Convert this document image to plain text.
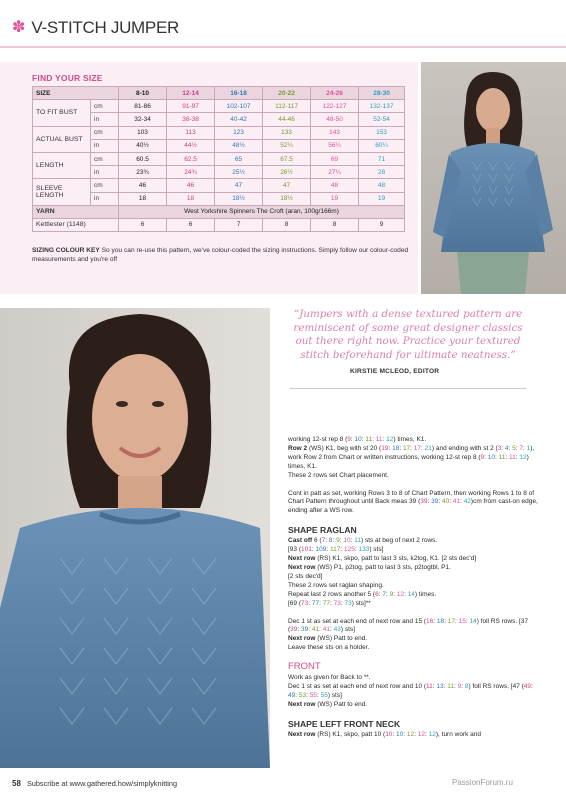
✽ V-STITCH JUMPER
FIND YOUR SIZE
SIZE		8-10	12-14	16-18	20-22	24-26	28-30
TO FIT BUST	cm	81-86	91-97	102-107	112-117	122-127	132-137
	in	32-34	36-38	40-42	44-46	48-50	52-54
ACTUAL BUST	cm	103	113	123	133	143	153
	in	40½	44½	48½	52¼	56¼	60¼
LENGTH	cm	60.5	62.5	65	67.5	69	71
	in	23¾	24¾	25½	26½	27¼	28
SLEEVE LENGTH	cm	46	46	47	47	48	48
	in	18	18	18½	18½	19	19
YARN		West Yorkshire Spinners The Croft (aran, 100g/166m)					
Kettlester (1148)		6	6	7	8	8	9
SIZING COLOUR KEY So you can re-use this pattern, we've colour-coded the sizing instructions. Simply follow our colour-coded measurements and you're off
“Jumpers with a dense textured pattern are reminiscent of some great designer classics out there right now. Practice your textured stitch beforehand for ultimate neatness.”
KIRSTIE MCLEOD, EDITOR

working 12-st rep 8 (9: 10: 11: 11: 12) times, K1.
Row 2 (WS) K1, beg with st 20 (19: 18: 17: 17: 21) and ending with st 2 (3: 4: 5: 7: 1), work Row 2 from Chart or written instructions, working 12-st rep 8 (9: 10: 11: 11: 12) times, K1.
These 2 rows set Chart placement.

Cont in patt as set, working Rows 3 to 8 of Chart Pattern, then working Rows 1 to 8 of Chart Pattern throughout until Back meas 39 (39: 39: 40: 41: 42)cm from cast-on edge, ending after a WS row.

SHAPE RAGLAN

Cast off 6 (7: 8: 9: 10: 11) sts at beg of next 2 rows.
[93 (101: 109: 117: 125: 133) sts]
Next row (RS) K1, skpo, patt to last 3 sts, k2tog, K1. [2 sts dec'd]
Next row (WS) P1, p2tog, patt to last 3 sts, p2togtbl, P1.
[2 sts dec'd]
These 2 rows set raglan shaping.
Repeat last 2 rows another 5 (6: 7: 9: 12: 14) times.
[69 (73: 77: 77: 73: 73) sts]**

Dec 1 st as set at each end of next row and 15 (16: 18: 17: 15: 14) foll RS rows. [37 (39: 39: 41: 41: 43) sts]
Next row (WS) Patt to end.
Leave these sts on a holder.

FRONT

Work as given for Back to **.
Dec 1 st as set at each end of next row and 10 (11: 13: 11: 9: 8) foll RS rows. [47 (49: 49: 53: 55: 55) sts]
Next row (WS) Patt to end.

SHAPE LEFT FRONT NECK

Next row (RS) K1, skpo, patt 10 (10: 10: 12: 12: 12), turn work and

58 Subscribe at www.gathered.how/simplyknitting	PassionForum.ru
